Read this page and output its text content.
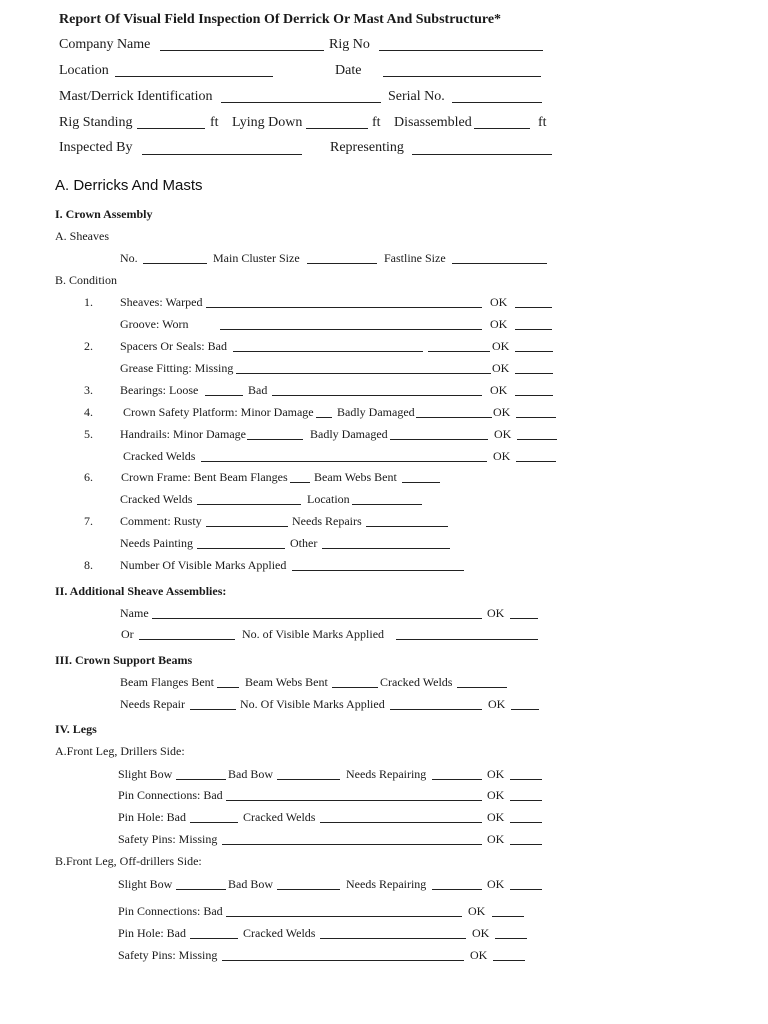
Report Of Visual Field Inspection Of Derrick Or Mast And Substructure*
Company Name	Rig No
Location	Date
Mast/Derrick Identification	Serial No.
Rig Standing	ft Lying Down	ft Disassembled	ft
Inspected By	Representing
A. Derricks And Masts
I. Crown Assembly
A. Sheaves
No.	Main Cluster Size	Fastline Size
B. Condition
1. Sheaves: Warped	OK
Groove: Worn	OK
2. Spacers Or Seals: Bad	OK
Grease Fitting: Missing	OK
3. Bearings: Loose	Bad	OK
4.	Crown Safety Platform: Minor Damage Badly Damaged	OK
5. Handrails: Minor Damage	Badly Damaged	OK
Cracked Welds	OK
6. Crown Frame: Bent Beam Flanges Beam Webs Bent
Cracked Welds	Location
7. Comment: Rusty	Needs Repairs
Needs Painting	Other
8. Number Of Visible Marks Applied
II. Additional Sheave Assemblies:
Name	OK
Or	No. of Visible Marks Applied
III. Crown Support Beams
Beam Flanges Bent	Beam Webs Bent	Cracked Welds
Needs Repair	No. Of Visible Marks Applied	OK
IV. Legs
A.Front Leg, Drillers Side:
Slight Bow	Bad Bow	Needs Repairing	OK
Pin Connections: Bad	OK
Pin Hole: Bad	Cracked Welds	OK
Safety Pins: Missing	OK
B.Front Leg, Off-drillers Side:
Slight Bow	Bad Bow	Needs Repairing	OK
Pin Connections: Bad	OK
Pin Hole: Bad	Cracked Welds	OK
Safety Pins: Missing	OK
